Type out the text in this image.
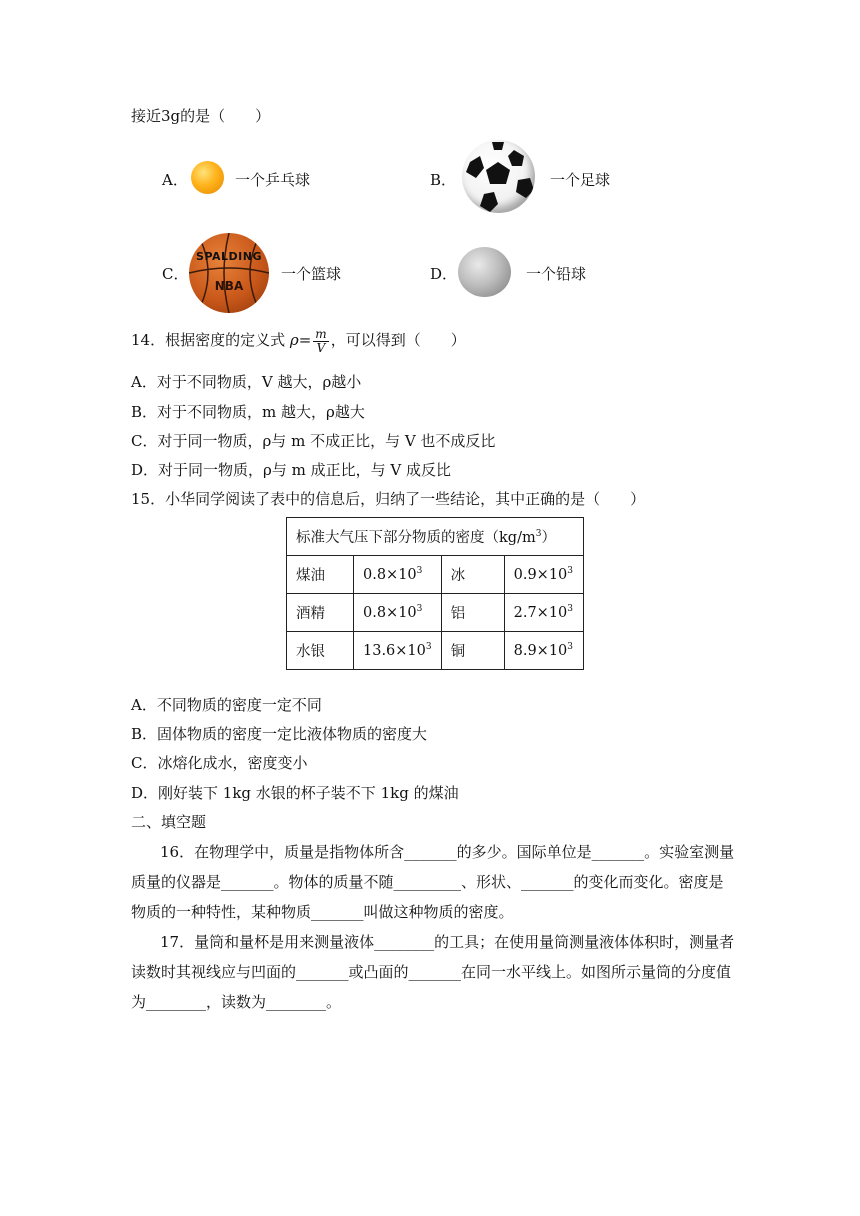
接近3g的是（　　）
A．	一个乒乓球	B．	一个足球
C．
SPALDING
NBA
一个篮球	D．	一个铅球
14．根据密度的定义式 $\rho= \frac{m}{V}$ ，可以得到（　　）
A．对于不同物质，V 越大，ρ越小
B．对于不同物质，m 越大，ρ越大
C．对于同一物质，ρ与 m 不成正比，与 V 也不成反比
D．对于同一物质，ρ与 m 成正比，与 V 成反比
15．小华同学阅读了表中的信息后，归纳了一些结论，其中正确的是（　　）
标准大气压下部分物质的密度$(kg/m^3)$			
煤油	$0.8\times 10^3$	冰	$0.9\times 10^3$
酒精	$0.8\times 10^3$	铝	$2.7\times 10^3$
水银	$13.6\times 10^3$	铜	$8.9\times 10^3$
A．不同物质的密度一定不同
B．固体物质的密度一定比液体物质的密度大
C．冰熔化成水，密度变小
D．刚好装下 1kg 水银的杯子装不下 1kg 的煤油
二、填空题
16．在物理学中，质量是指物体所含_______的多少。国际单位是_______。实验室测量
质量的仪器是_______。物体的质量不随_________、形状、_______的变化而变化。密度是
物质的一种特性，某种物质_______叫做这种物质的密度。
17．量筒和量杯是用来测量液体________的工具；在使用量筒测量液体体积时，测量者
读数时其视线应与凹面的_______或凸面的_______在同一水平线上。如图所示量筒的分度值
为________，读数为________。
